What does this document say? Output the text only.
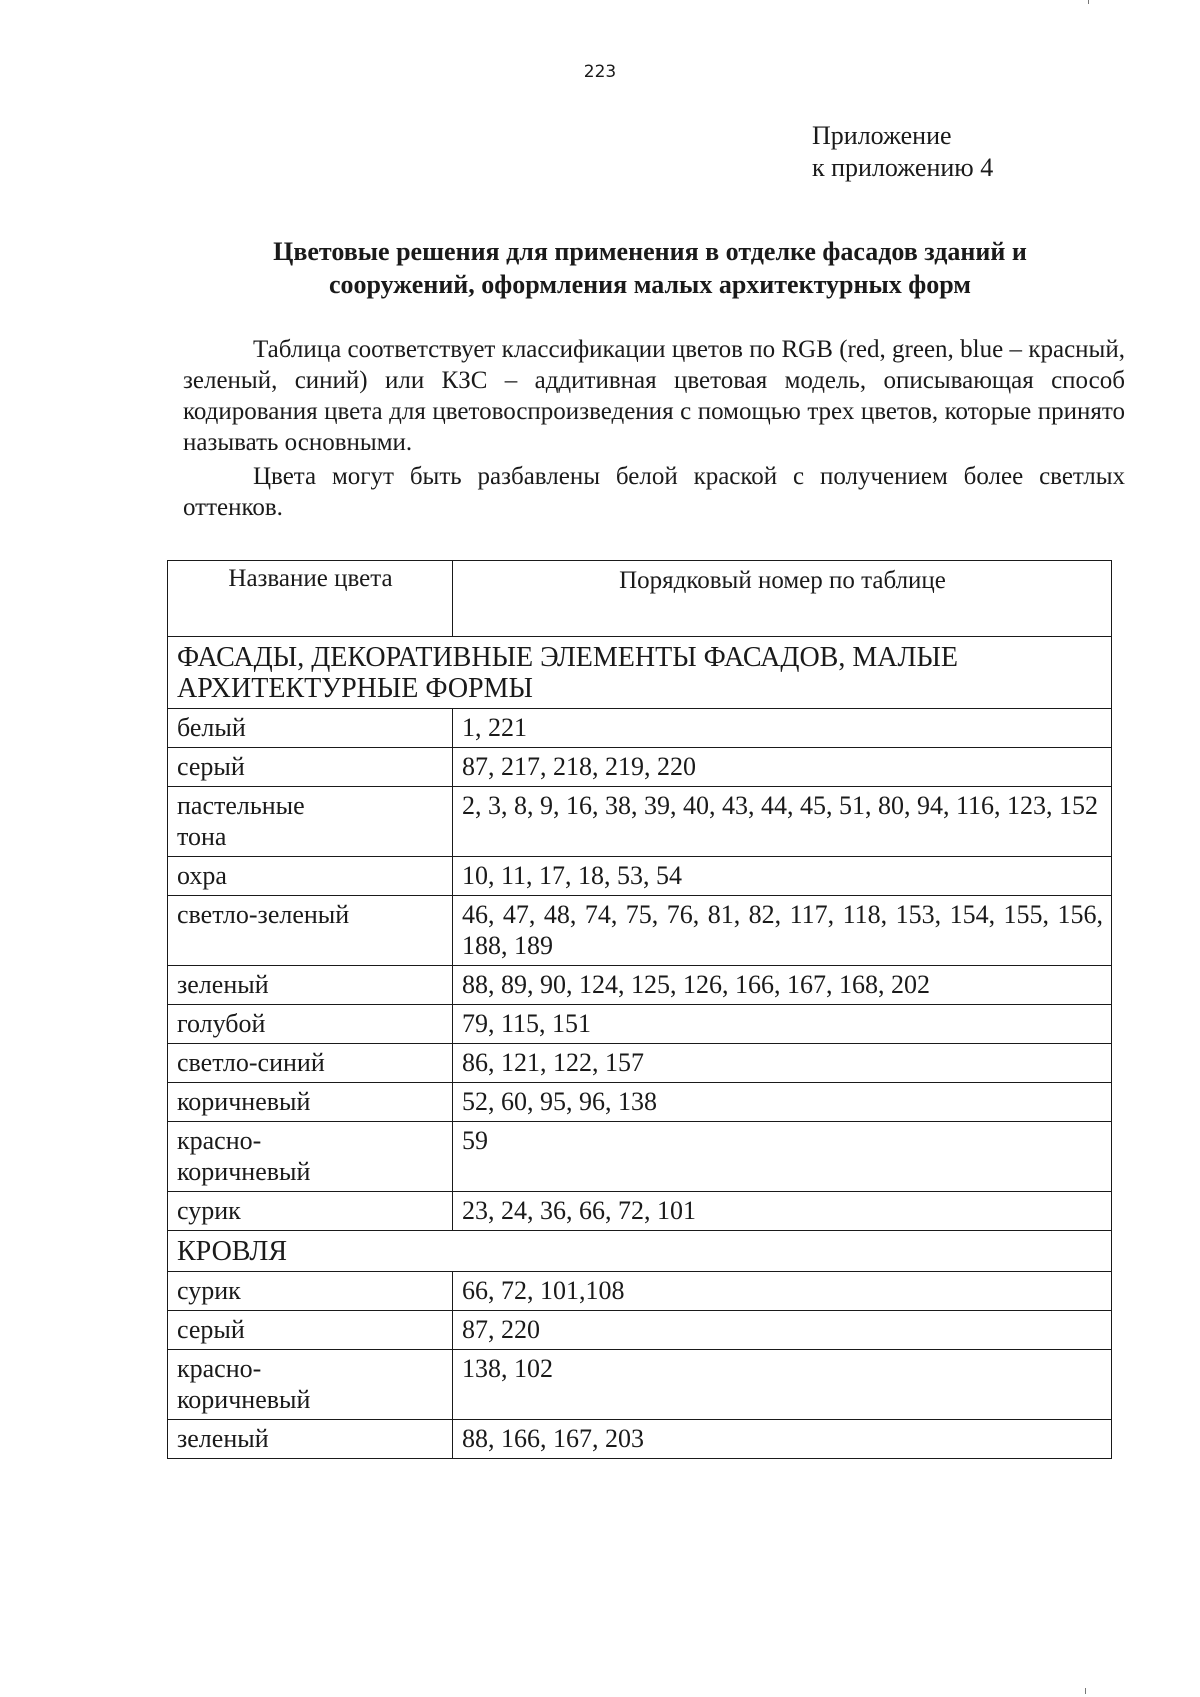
223
Приложение
к приложению 4
Цветовые решения для применения в отделке фасадов зданий и сооружений, оформления малых архитектурных форм

Таблица соответствует классификации цветов по RGB (red, green, blue – красный, зеленый, синий) или КЗС – аддитивная цветовая модель, описывающая способ кодирования цвета для цветовоспроизведения с помощью трех цветов, которые принято называть основными.

Цвета могут быть разбавлены белой краской с получением более светлых оттенков.

Название цвета	Порядковый номер по таблице
ФАСАДЫ, ДЕКОРАТИВНЫЕ ЭЛЕМЕНТЫ ФАСАДОВ, МАЛЫЕ АРХИТЕКТУРНЫЕ ФОРМЫ	
белый	1, 221
серый	87, 217, 218, 219, 220
пастельные тона	2, 3, 8, 9, 16, 38, 39, 40, 43, 44, 45, 51, 80, 94, 116, 123, 152
охра	10, 11, 17, 18, 53, 54
светло-зеленый	46, 47, 48, 74, 75, 76, 81, 82, 117, 118, 153, 154, 155, 156, 188, 189
зеленый	88, 89, 90, 124, 125, 126, 166, 167, 168, 202
голубой	79, 115, 151
светло-синий	86, 121, 122, 157
коричневый	52, 60, 95, 96, 138
красно-коричневый	59
сурик	23, 24, 36, 66, 72, 101
КРОВЛЯ	
сурик	66, 72, 101,108
серый	87, 220
красно-коричневый	138, 102
зеленый	88, 166, 167, 203
